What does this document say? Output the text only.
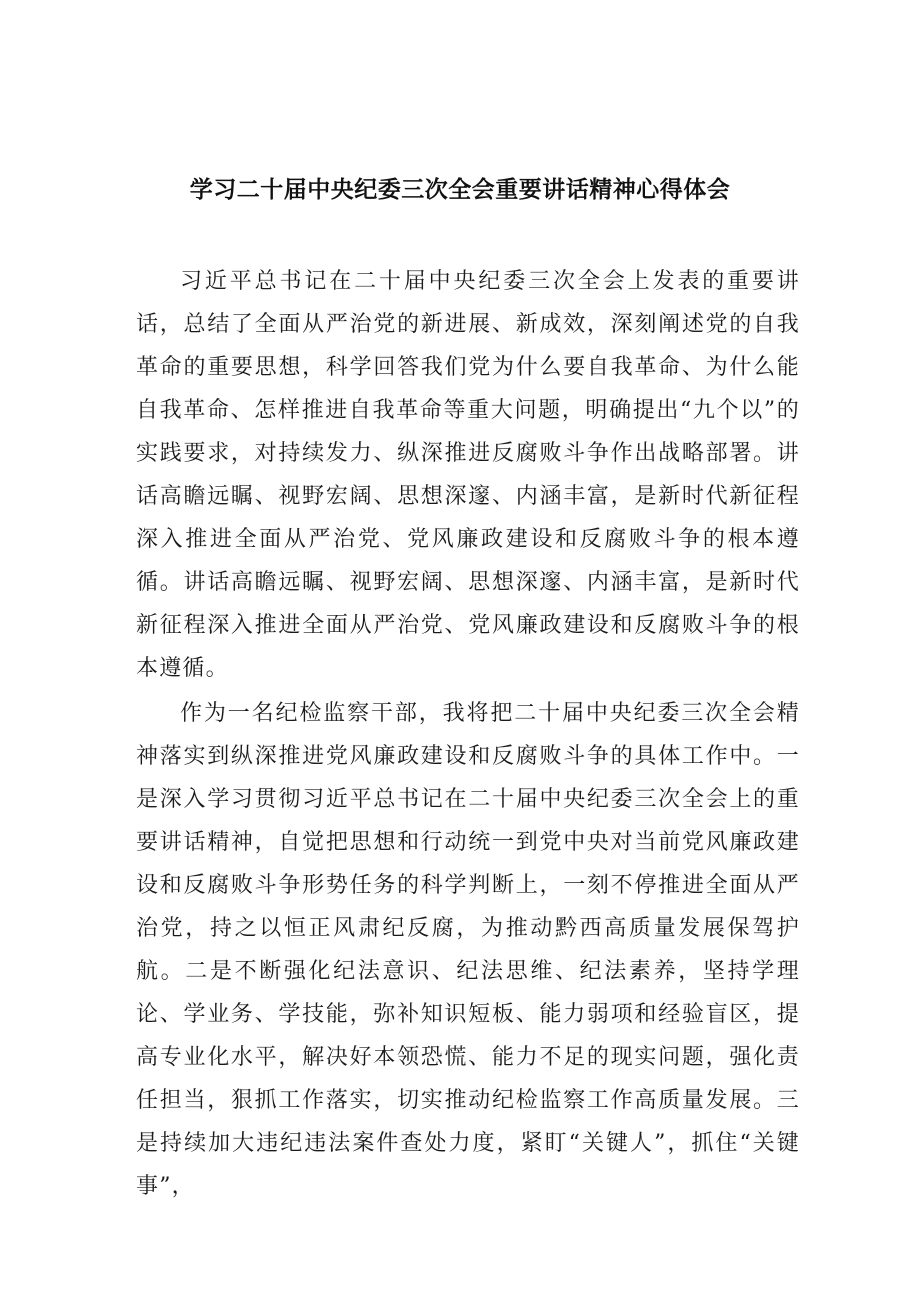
学习二十届中央纪委三次全会重要讲话精神心得体会

习近平总书记在二十届中央纪委三次全会上发表的重要讲话，总结了全面从严治党的新进展、新成效，深刻阐述党的自我革命的重要思想，科学回答我们党为什么要自我革命、为什么能自我革命、怎样推进自我革命等重大问题，明确提出“九个以”的实践要求，对持续发力、纵深推进反腐败斗争作出战略部署。讲话高瞻远瞩、视野宏阔、思想深邃、内涵丰富，是新时代新征程深入推进全面从严治党、党风廉政建设和反腐败斗争的根本遵循。讲话高瞻远瞩、视野宏阔、思想深邃、内涵丰富，是新时代新征程深入推进全面从严治党、党风廉政建设和反腐败斗争的根本遵循。

作为一名纪检监察干部，我将把二十届中央纪委三次全会精神落实到纵深推进党风廉政建设和反腐败斗争的具体工作中。一是深入学习贯彻习近平总书记在二十届中央纪委三次全会上的重要讲话精神，自觉把思想和行动统一到党中央对当前党风廉政建设和反腐败斗争形势任务的科学判断上，一刻不停推进全面从严治党，持之以恒正风肃纪反腐，为推动黔西高质量发展保驾护航。二是不断强化纪法意识、纪法思维、纪法素养，坚持学理论、学业务、学技能，弥补知识短板、能力弱项和经验盲区，提高专业化水平，解决好本领恐慌、能力不足的现实问题，强化责任担当，狠抓工作落实，切实推动纪检监察工作高质量发展。三是持续加大违纪违法案件查处力度，紧盯“关键人”，抓住“关键事”，
